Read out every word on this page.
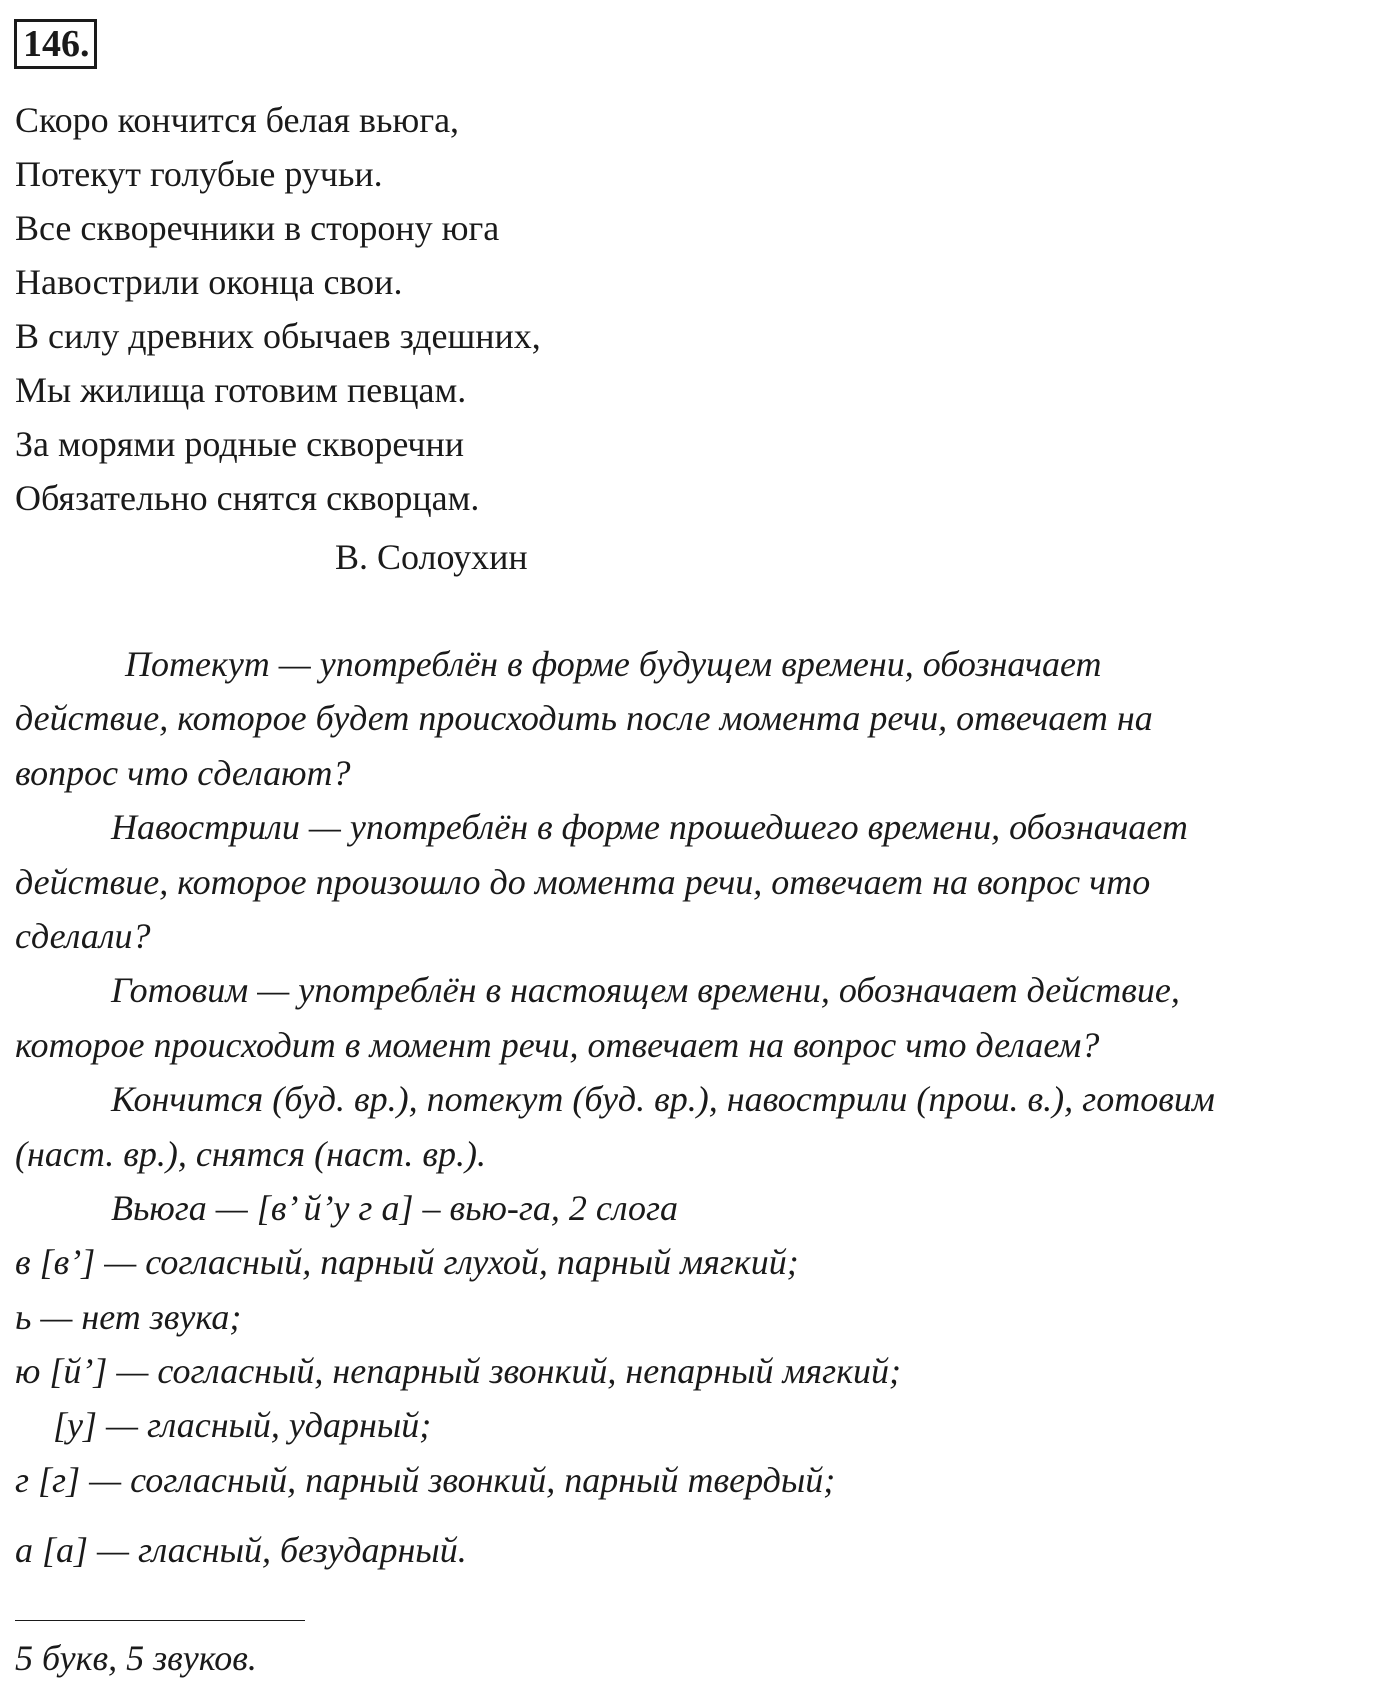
146.
Скоро кончится белая вьюга,
Потекут голубые ручьи.
Все скворечники в сторону юга
Навострили оконца свои.
В силу древних обычаев здешних,
Мы жилища готовим певцам.
За морями родные скворечни
Обязательно снятся скворцам.
В. Солоухин
Потекут — употреблён в форме будущем времени, обозначает
действие, которое будет происходить после момента речи, отвечает на
вопрос что сделают?
Навострили — употреблён в форме прошедшего времени, обозначает
действие, которое произошло до момента речи, отвечает на вопрос что
сделали?
Готовим — употреблён в настоящем времени, обозначает действие,
которое происходит в момент речи, отвечает на вопрос что делаем?
Кончится (буд. вр.), потекут (буд. вр.), навострили (прош. в.), готовим
(наст. вр.), снятся (наст. вр.).
Вьюга — [в’ й’у г а] – вью-га, 2 слога
в [в’] — согласный, парный глухой, парный мягкий;
ь — нет звука;
ю [й’] — согласный, непарный звонкий, непарный мягкий;
[у] — гласный, ударный;
г [г] — согласный, парный звонкий, парный твердый;
а [а] — гласный, безударный.
5 букв, 5 звуков.
